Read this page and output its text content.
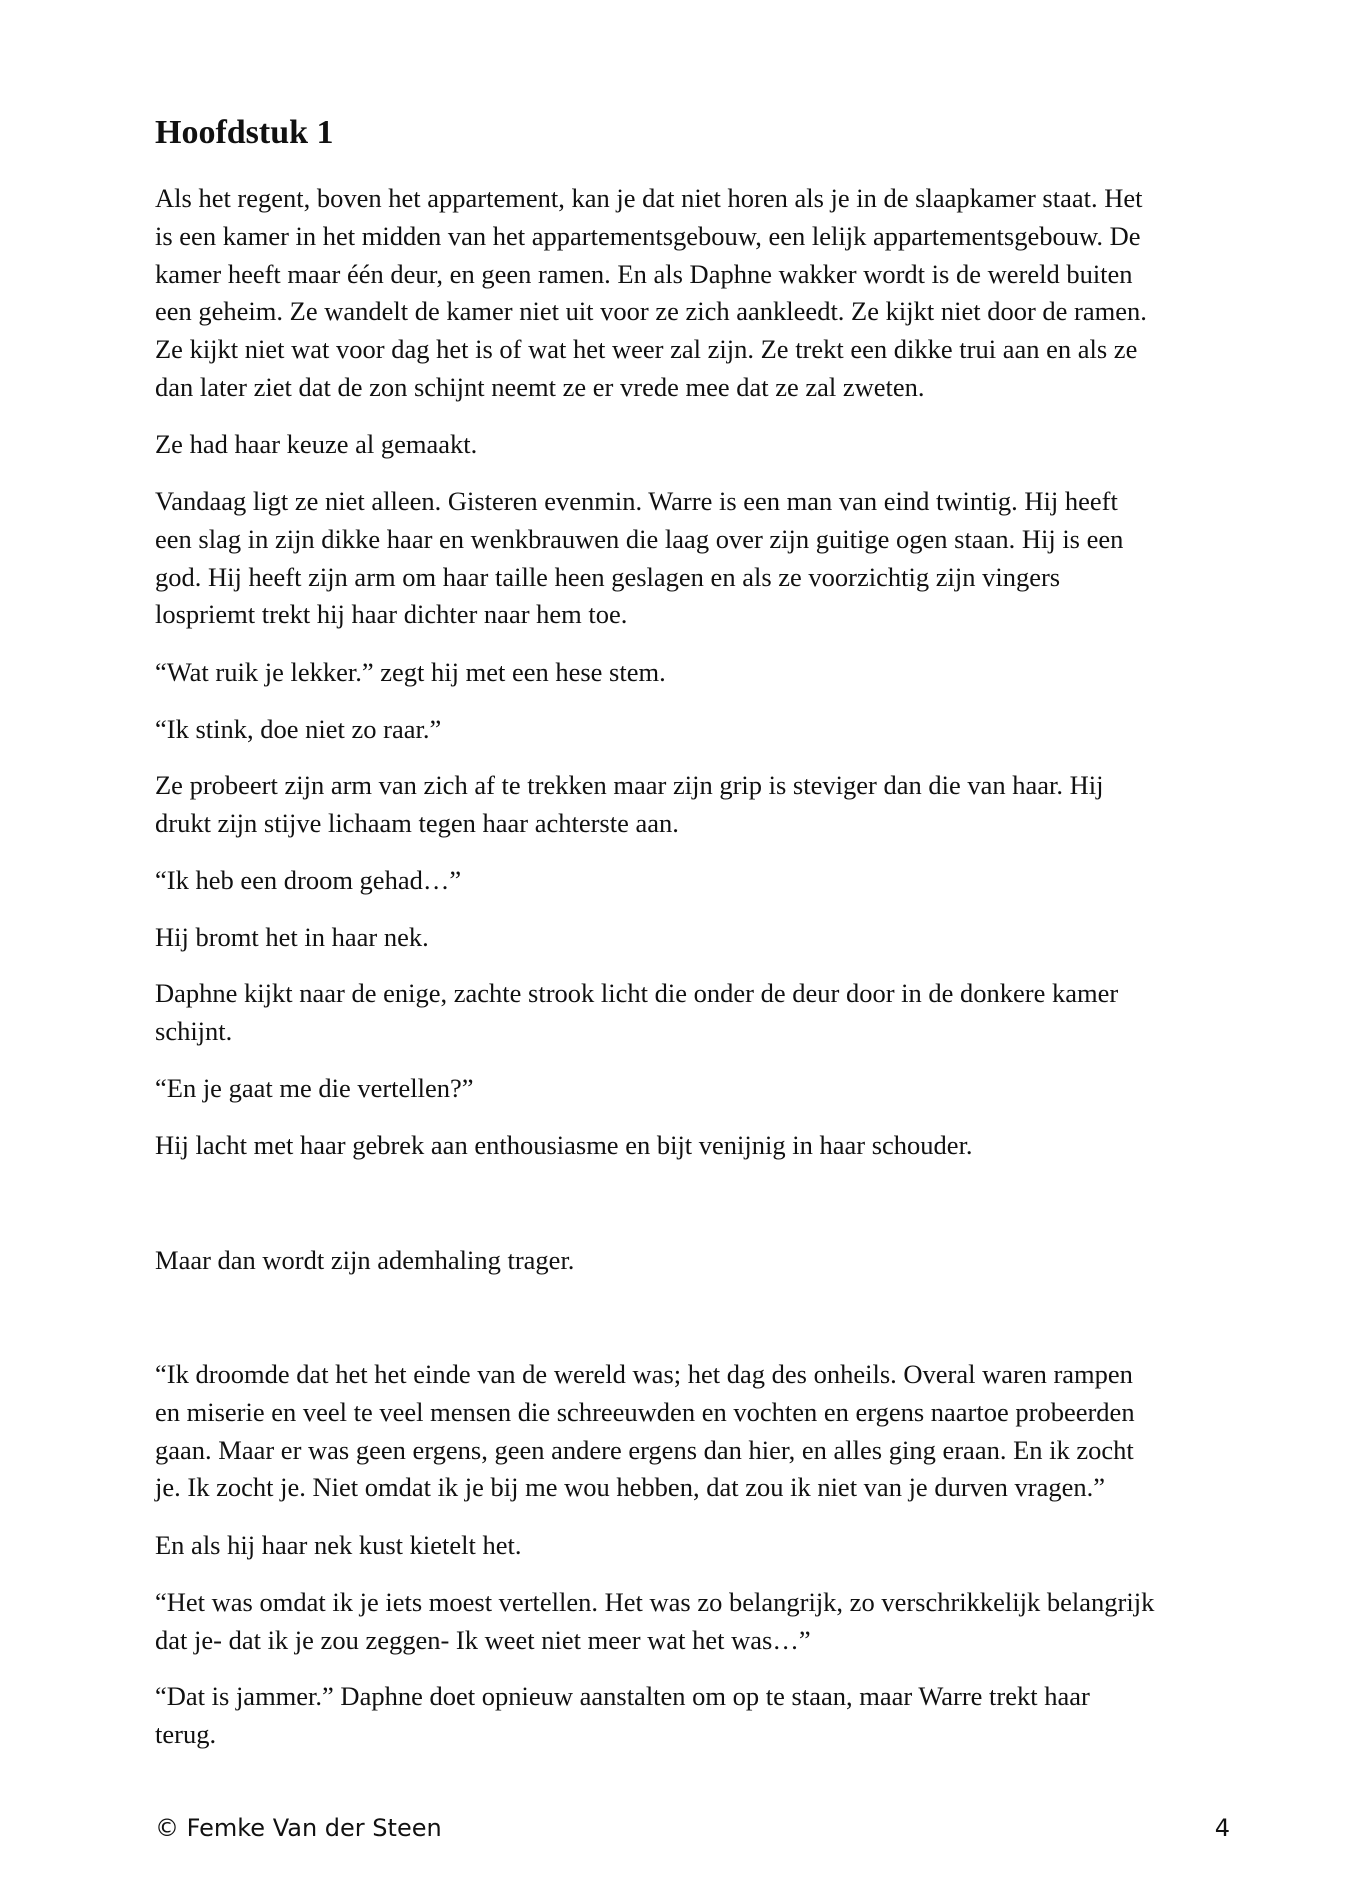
Hoofdstuk 1

Als het regent, boven het appartement, kan je dat niet horen als je in de slaapkamer staat. Het
is een kamer in het midden van het appartementsgebouw, een lelijk appartementsgebouw. De
kamer heeft maar één deur, en geen ramen. En als Daphne wakker wordt is de wereld buiten
een geheim. Ze wandelt de kamer niet uit voor ze zich aankleedt. Ze kijkt niet door de ramen.
Ze kijkt niet wat voor dag het is of wat het weer zal zijn. Ze trekt een dikke trui aan en als ze
dan later ziet dat de zon schijnt neemt ze er vrede mee dat ze zal zweten.

Ze had haar keuze al gemaakt.

Vandaag ligt ze niet alleen. Gisteren evenmin. Warre is een man van eind twintig. Hij heeft
een slag in zijn dikke haar en wenkbrauwen die laag over zijn guitige ogen staan. Hij is een
god. Hij heeft zijn arm om haar taille heen geslagen en als ze voorzichtig zijn vingers
lospriemt trekt hij haar dichter naar hem toe.

“Wat ruik je lekker.” zegt hij met een hese stem.

“Ik stink, doe niet zo raar.”

Ze probeert zijn arm van zich af te trekken maar zijn grip is steviger dan die van haar. Hij
drukt zijn stijve lichaam tegen haar achterste aan.

“Ik heb een droom gehad…”

Hij bromt het in haar nek.

Daphne kijkt naar de enige, zachte strook licht die onder de deur door in de donkere kamer
schijnt.

“En je gaat me die vertellen?”

Hij lacht met haar gebrek aan enthousiasme en bijt venijnig in haar schouder.

Maar dan wordt zijn ademhaling trager.

“Ik droomde dat het het einde van de wereld was; het dag des onheils. Overal waren rampen
en miserie en veel te veel mensen die schreeuwden en vochten en ergens naartoe probeerden
gaan. Maar er was geen ergens, geen andere ergens dan hier, en alles ging eraan. En ik zocht
je. Ik zocht je. Niet omdat ik je bij me wou hebben, dat zou ik niet van je durven vragen.”

En als hij haar nek kust kietelt het.

“Het was omdat ik je iets moest vertellen. Het was zo belangrijk, zo verschrikkelijk belangrijk
dat je- dat ik je zou zeggen- Ik weet niet meer wat het was…”

“Dat is jammer.” Daphne doet opnieuw aanstalten om op te staan, maar Warre trekt haar
terug.

© Femke Van der Steen	4
